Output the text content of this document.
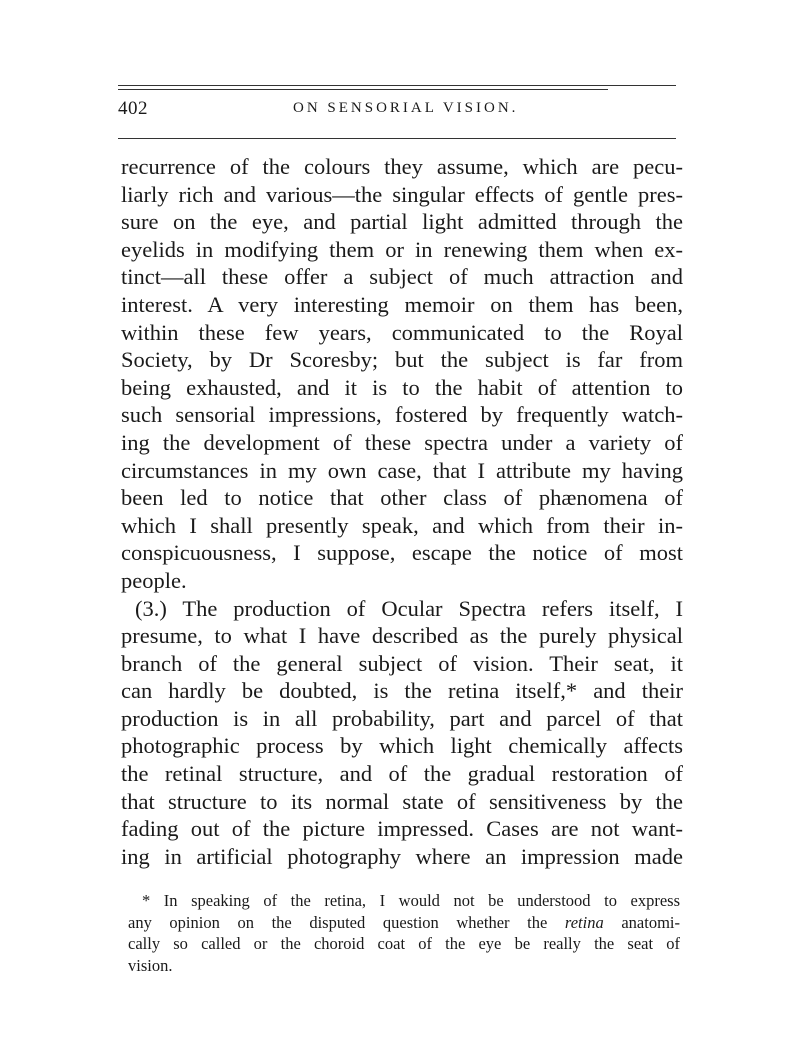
402	ON SENSORIAL VISION.
recurrence of the colours they assume, which are pecu-
liarly rich and various—the singular effects of gentle pres-
sure on the eye, and partial light admitted through the
eyelids in modifying them or in renewing them when ex-
tinct—all these offer a subject of much attraction and
interest. A very interesting memoir on them has been,
within these few years, communicated to the Royal
Society, by Dr Scoresby; but the subject is far from
being exhausted, and it is to the habit of attention to
such sensorial impressions, fostered by frequently watch-
ing the development of these spectra under a variety of
circumstances in my own case, that I attribute my having
been led to notice that other class of phænomena of
which I shall presently speak, and which from their in-
conspicuousness, I suppose, escape the notice of most
people.
(3.) The production of Ocular Spectra refers itself, I
presume, to what I have described as the purely physical
branch of the general subject of vision. Their seat, it
can hardly be doubted, is the retina itself,* and their
production is in all probability, part and parcel of that
photographic process by which light chemically affects
the retinal structure, and of the gradual restoration of
that structure to its normal state of sensitiveness by the
fading out of the picture impressed. Cases are not want-
ing in artificial photography where an impression made
* In speaking of the retina, I would not be understood to express
any opinion on the disputed question whether the retina anatomi-
cally so called or the choroid coat of the eye be really the seat of
vision.
